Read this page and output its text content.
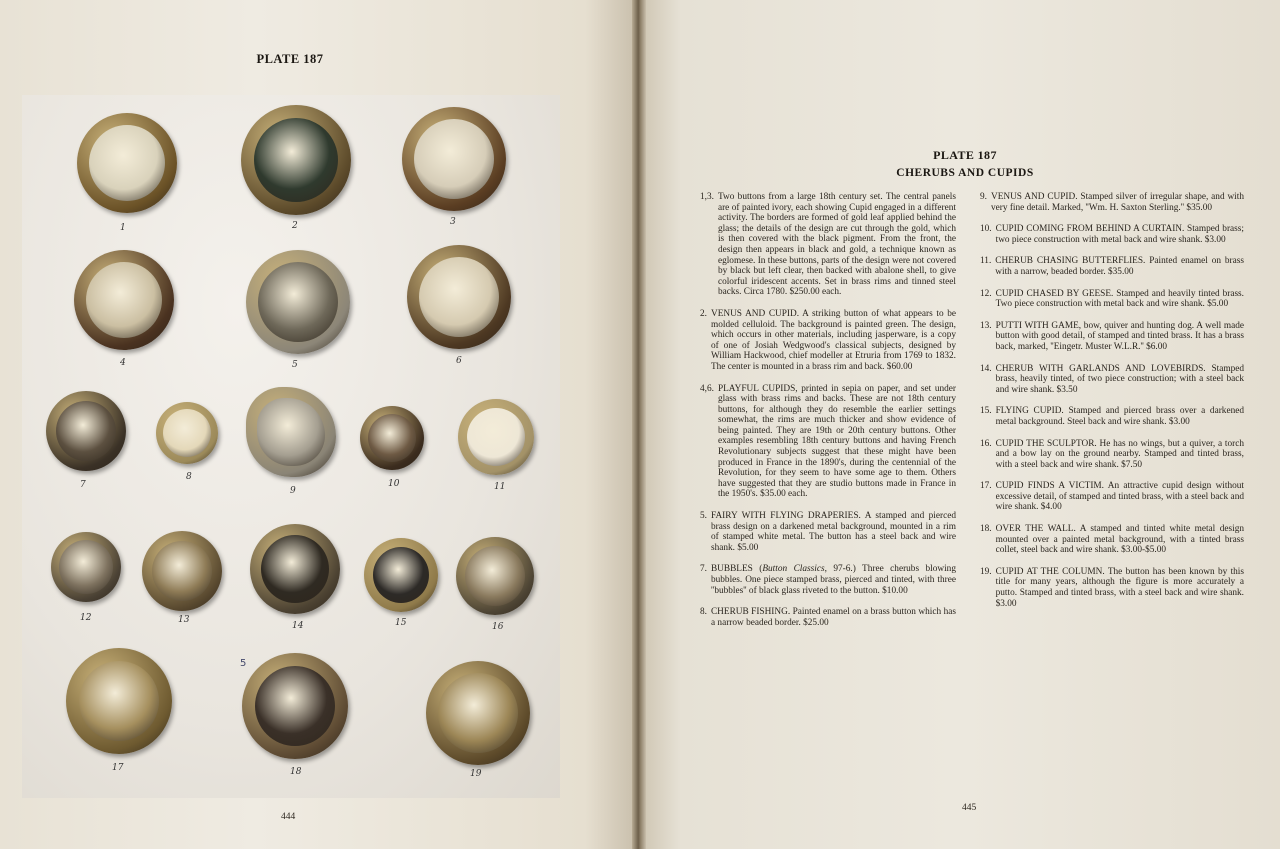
PLATE 187
1	2	3
4	5	6
7
8
9
10	11
12	13
14	15	16
17	18	19
5
444
PLATE 187
CHERUBS AND CUPIDS
1,3. Two buttons from a large 18th century set. The central panels are of painted ivory, each showing Cupid engaged in a different activity. The borders are formed of gold leaf applied behind the glass; the details of the design are cut through the gold, which is then covered with the black pigment. From the front, the design then appears in black and gold, a technique known as eglomese. In these buttons, parts of the design were not covered by black but left clear, then backed with abalone shell, to give colorful iridescent accents. Set in brass rims and tinned steel backs. Circa 1780. $250.00 each.
2. VENUS AND CUPID. A striking button of what appears to be molded celluloid. The background is painted green. The design, which occurs in other materials, including jasperware, is a copy of one of Josiah Wedgwood's classical subjects, designed by William Hackwood, chief modeller at Etruria from 1769 to 1832. The center is mounted in a brass rim and back. $60.00
4,6. PLAYFUL CUPIDS, printed in sepia on paper, and set under glass with brass rims and backs. These are not 18th century buttons, for although they do resemble the earlier settings somewhat, the rims are much thicker and show evidence of being painted. They are 19th or 20th century buttons. Other examples resembling 18th century buttons and having French Revolutionary subjects suggest that these might have been produced in France in the 1890's, during the centennial of the Revolution, for they seem to have some age to them. Others have suggested that they are studio buttons made in France in the 1950's. $35.00 each.
5. FAIRY WITH FLYING DRAPERIES. A stamped and pierced brass design on a darkened metal background, mounted in a rim of stamped white metal. The button has a steel back and wire shank. $5.00
7. BUBBLES (Button Classics, 97-6.) Three cherubs blowing bubbles. One piece stamped brass, pierced and tinted, with three ''bubbles'' of black glass riveted to the button. $10.00
8. CHERUB FISHING. Painted enamel on a brass button which has a narrow beaded border. $25.00
9. VENUS AND CUPID. Stamped silver of irregular shape, and with very fine detail. Marked, ''Wm. H. Saxton Sterling.'' $35.00
10. CUPID COMING FROM BEHIND A CURTAIN. Stamped brass; two piece construction with metal back and wire shank. $3.00
11. CHERUB CHASING BUTTERFLIES. Painted enamel on brass with a narrow, beaded border. $35.00
12. CUPID CHASED BY GEESE. Stamped and heavily tinted brass. Two piece construction with metal back and wire shank. $5.00
13. PUTTI WITH GAME, bow, quiver and hunting dog. A well made button with good detail, of stamped and tinted brass. It has a brass back, marked, ''Eingetr. Muster W.L.R.'' $6.00
14. CHERUB WITH GARLANDS AND LOVEBIRDS. Stamped brass, heavily tinted, of two piece construction; with a steel back and wire shank. $3.50
15. FLYING CUPID. Stamped and pierced brass over a darkened metal background. Steel back and wire shank. $3.00
16. CUPID THE SCULPTOR. He has no wings, but a quiver, a torch and a bow lay on the ground nearby. Stamped and tinted brass, with a steel back and wire shank. $7.50
17. CUPID FINDS A VICTIM. An attractive cupid design without excessive detail, of stamped and tinted brass, with a steel back and wire shank. $4.00
18. OVER THE WALL. A stamped and tinted white metal design mounted over a painted metal background, with a tinted brass collet, steel back and wire shank. $3.00-$5.00
19. CUPID AT THE COLUMN. The button has been known by this title for many years, although the figure is more accurately a putto. Stamped and tinted brass, with a steel back and wire shank. $3.00
445
